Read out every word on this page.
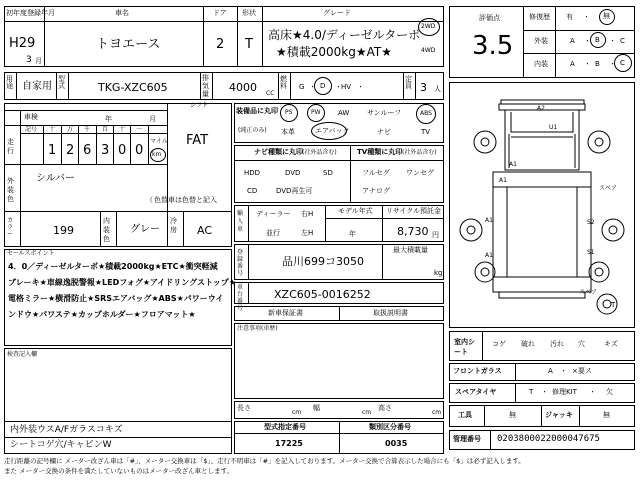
初年度登録年月
H29
3 月
車名
トヨエース
ドア
2
形状
T
グレード
高床★4.0/ディーゼルターボ
★積載2000kg★AT★
2WD
4WD
評価点
3.5
修復歴 有 ・ 無
外装	A ・ B ・ C
内装	A ・ B ・ C
用途 自家用
型式	TKG-XZC605
排気量 4000 CC
燃料 G ・ D ・ HV ・
定員 3 人
シフト
FAT
車検	年	月
走行
記号 十 万 千 百 十 一
1 2 6 3 0 0
マイル
km
外装色
シルバー
（ 色替車は色替と記入
カラー	199
内装色
グレー
冷房 AC
装備品に丸印
(純正のみ)
PS	PW AW	サンルーフ	ABS
本革	エアバック	ナビ	TV
ナビ種類に丸印 (社外品含む)	TV種類に丸印 (社外品含む)
HDD	DVD	SD
CD	DVD再生可
フルセグ ワンセグ
アナログ
輸入車
ディーラー
並行
右H
左H
モデル年式
年
リサイクル預託金
8,730 円
登録番号
品川699コ3050
最大積載量
kg
車台番号
XZC605-0016252
新車保証書	取扱説明書
注意事項(車歴)
セールスポイント
4．0／ディーゼルターボ★積載2000kg★ETC★衝突軽減
ブレーキ★車線逸脱警報★LEDフォグ★アイドリングストップ★
電格ミラー★横滑防止★SRSエアバッグ★ABS★パワーウイ
ンドウ★パワステ★カップホルダー★フロアマット★
検査記入欄
内外装ウスA/Fガラスコキズ
シートコゲ穴/キャビンW
長さ
cm
幅
cm
高さ
cm
型式指定番号
17225
類別区分番号
0035
A2
U1
A1
A1
A1
A1
S2
S1
スペア
スペア
T
室内シート
コゲ 破れ 汚れ 穴	キズ
フロントガラス	A ・ ×要ス
スペアタイヤ	T ・ 修理KIT ・ 欠
工具	無	ジャッキ	無
管理番号 0203800022000047675
走行距離の記号欄に メーター改ざん車は「#」、メーター交換車は「$」、走行不明車は「#」を記入しております。メーター交換で合算表示した場合にも「$」は必ず記入します。
また メーター交換の条件を満たしていないものはメーター改ざん車とします。
